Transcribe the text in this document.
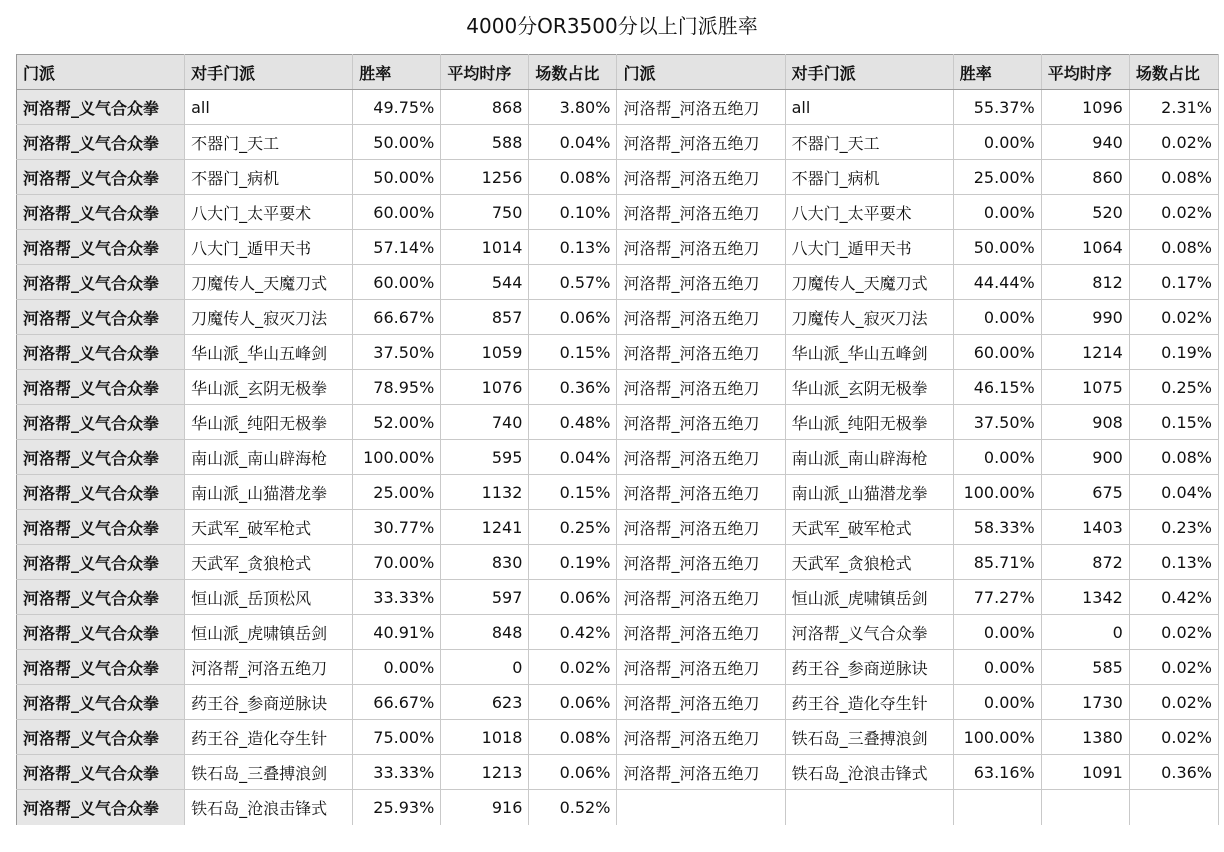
4000分OR3500分以上门派胜率
门派	对手门派	胜率	平均时序	场数占比	门派	对手门派	胜率	平均时序	场数占比
河洛帮_义气合众拳	all	49.75%	868	3.80%	河洛帮_河洛五绝刀	all	55.37%	1096	2.31%
河洛帮_义气合众拳	不器门_天工	50.00%	588	0.04%	河洛帮_河洛五绝刀	不器门_天工	0.00%	940	0.02%
河洛帮_义气合众拳	不器门_病机	50.00%	1256	0.08%	河洛帮_河洛五绝刀	不器门_病机	25.00%	860	0.08%
河洛帮_义气合众拳	八大门_太平要术	60.00%	750	0.10%	河洛帮_河洛五绝刀	八大门_太平要术	0.00%	520	0.02%
河洛帮_义气合众拳	八大门_遁甲天书	57.14%	1014	0.13%	河洛帮_河洛五绝刀	八大门_遁甲天书	50.00%	1064	0.08%
河洛帮_义气合众拳	刀魔传人_天魔刀式	60.00%	544	0.57%	河洛帮_河洛五绝刀	刀魔传人_天魔刀式	44.44%	812	0.17%
河洛帮_义气合众拳	刀魔传人_寂灭刀法	66.67%	857	0.06%	河洛帮_河洛五绝刀	刀魔传人_寂灭刀法	0.00%	990	0.02%
河洛帮_义气合众拳	华山派_华山五峰剑	37.50%	1059	0.15%	河洛帮_河洛五绝刀	华山派_华山五峰剑	60.00%	1214	0.19%
河洛帮_义气合众拳	华山派_玄阴无极拳	78.95%	1076	0.36%	河洛帮_河洛五绝刀	华山派_玄阴无极拳	46.15%	1075	0.25%
河洛帮_义气合众拳	华山派_纯阳无极拳	52.00%	740	0.48%	河洛帮_河洛五绝刀	华山派_纯阳无极拳	37.50%	908	0.15%
河洛帮_义气合众拳	南山派_南山辟海枪	100.00%	595	0.04%	河洛帮_河洛五绝刀	南山派_南山辟海枪	0.00%	900	0.08%
河洛帮_义气合众拳	南山派_山猫潜龙拳	25.00%	1132	0.15%	河洛帮_河洛五绝刀	南山派_山猫潜龙拳	100.00%	675	0.04%
河洛帮_义气合众拳	天武军_破军枪式	30.77%	1241	0.25%	河洛帮_河洛五绝刀	天武军_破军枪式	58.33%	1403	0.23%
河洛帮_义气合众拳	天武军_贪狼枪式	70.00%	830	0.19%	河洛帮_河洛五绝刀	天武军_贪狼枪式	85.71%	872	0.13%
河洛帮_义气合众拳	恒山派_岳顶松风	33.33%	597	0.06%	河洛帮_河洛五绝刀	恒山派_虎啸镇岳剑	77.27%	1342	0.42%
河洛帮_义气合众拳	恒山派_虎啸镇岳剑	40.91%	848	0.42%	河洛帮_河洛五绝刀	河洛帮_义气合众拳	0.00%	0	0.02%
河洛帮_义气合众拳	河洛帮_河洛五绝刀	0.00%	0	0.02%	河洛帮_河洛五绝刀	药王谷_参商逆脉诀	0.00%	585	0.02%
河洛帮_义气合众拳	药王谷_参商逆脉诀	66.67%	623	0.06%	河洛帮_河洛五绝刀	药王谷_造化夺生针	0.00%	1730	0.02%
河洛帮_义气合众拳	药王谷_造化夺生针	75.00%	1018	0.08%	河洛帮_河洛五绝刀	铁石岛_三叠搏浪剑	100.00%	1380	0.02%
河洛帮_义气合众拳	铁石岛_三叠搏浪剑	33.33%	1213	0.06%	河洛帮_河洛五绝刀	铁石岛_沧浪击锋式	63.16%	1091	0.36%
河洛帮_义气合众拳	铁石岛_沧浪击锋式	25.93%	916	0.52%					
